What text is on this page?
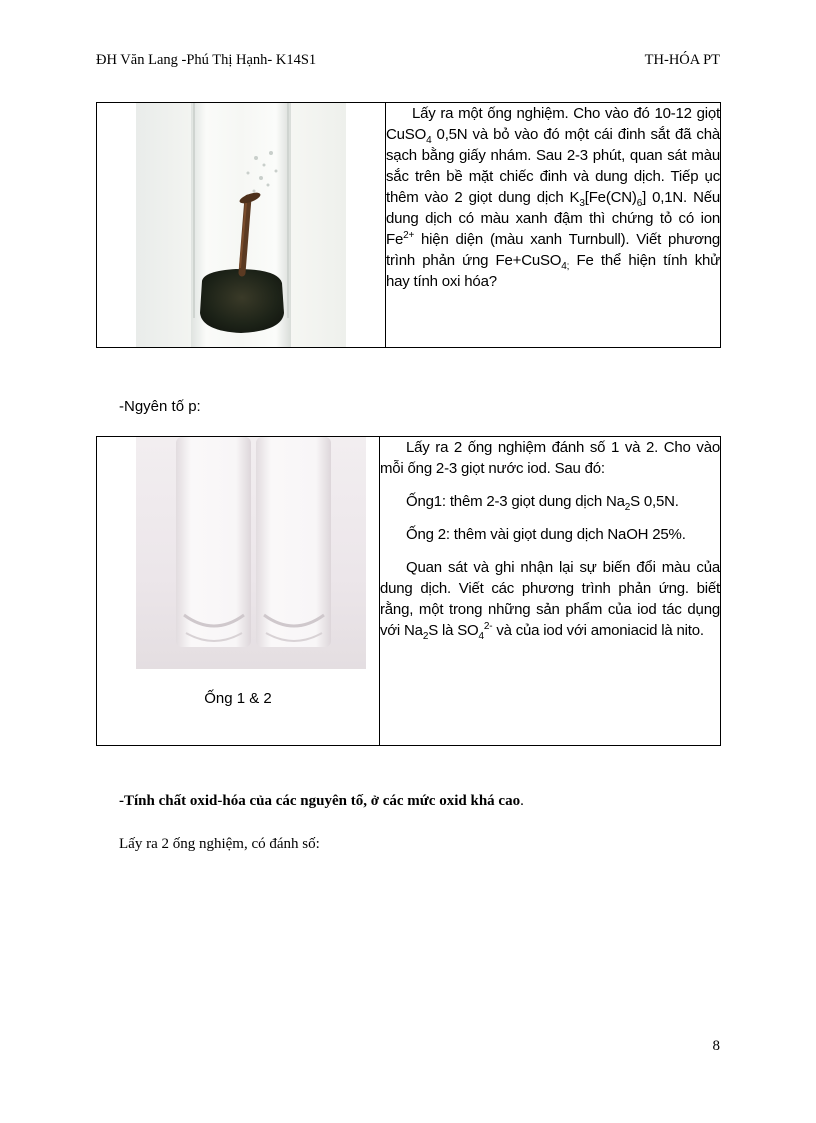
ĐH Văn Lang -Phú Thị Hạnh- K14S1	TH-HÓA PT

Lấy ra một ống nghiệm. Cho vào đó 10-12 giọt CuSO$_4$ 0,5N và bỏ vào đó một cái đinh sắt đã chà sạch bằng giấy nhám. Sau 2-3 phút, quan sát màu sắc trên bề mặt chiếc đinh và dung dịch. Tiếp ục thêm vào 2 giọt dung dịch $K_3[Fe(CN)_6]$ 0,1N. Nếu dung dịch có màu xanh đậm thì chứng tỏ có ion $Fe^{2+}$ hiện diện (màu xanh Turnbull). Viết phương trình phản ứng Fe+CuSO$_{4;}$ Fe thể hiện tính khử hay tính oxi hóa?

-Ngyên tố p:

Lấy ra 2 ống nghiệm đánh số 1 và 2. Cho vào mỗi ống 2-3 giọt nước iod. Sau đó:

Ống1: thêm 2-3 giọt dung dịch $Na_2S$ 0,5N.

Ống 2: thêm vài giọt dung dịch NaOH 25%.

Quan sát và ghi nhận lại sự biến đổi màu của dung dịch. Viết các phương trình phản ứng. biết rằng, một trong những sản phẩm của iod tác dụng với $Na_2S$ là $SO_4^{2-}$ và của iod với amoniacid là nito.

Ống 1 & 2
-Tính chất oxid-hóa của các nguyên tố, ở các mức oxid khá cao.
Lấy ra 2 ống nghiệm, có đánh số:
8
